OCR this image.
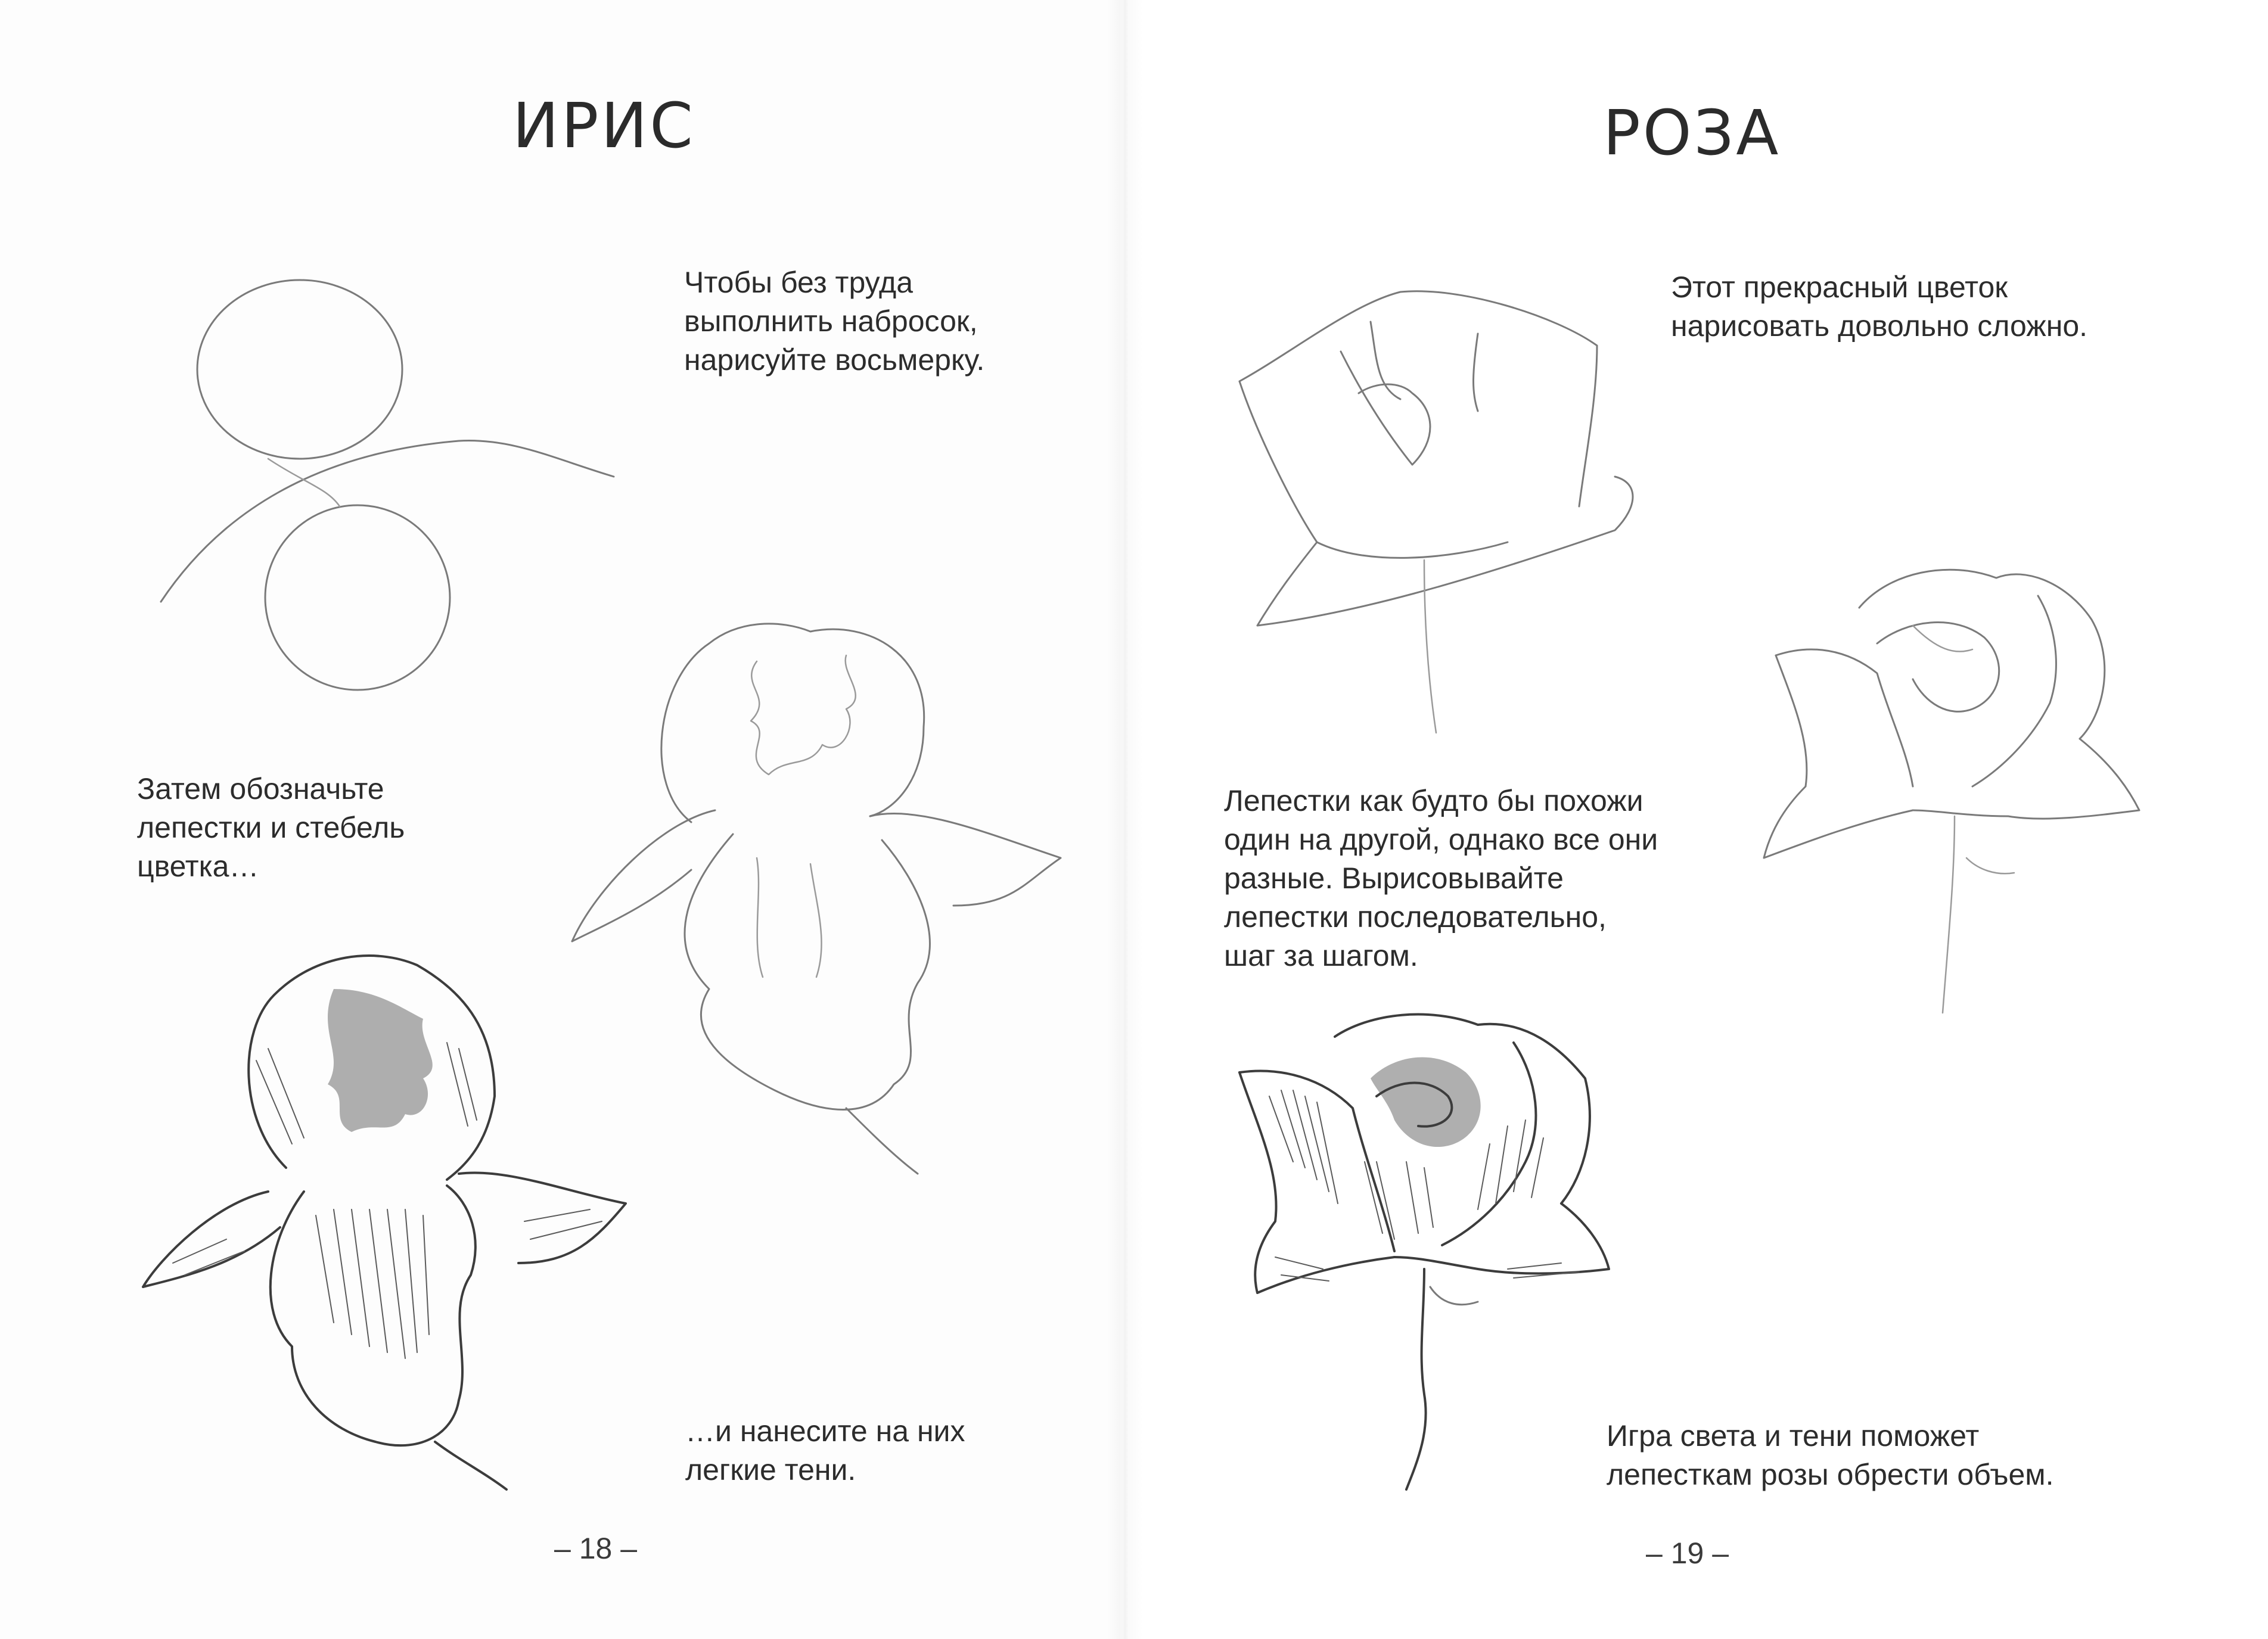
ИРИС
Чтобы без труда
выполнить набросок,
нарисуйте восьмерку.
Затем обозначьте
лепестки и стебель
цветка…
…и нанесите на них
легкие тени.
– 18 –
РОЗА
Этот прекрасный цветок
нарисовать довольно сложно.
Лепестки как будто бы похожи
один на другой, однако все они
разные. Вырисовывайте
лепестки последовательно,
шаг за шагом.
Игра света и тени поможет
лепесткам розы обрести объем.
– 19 –
